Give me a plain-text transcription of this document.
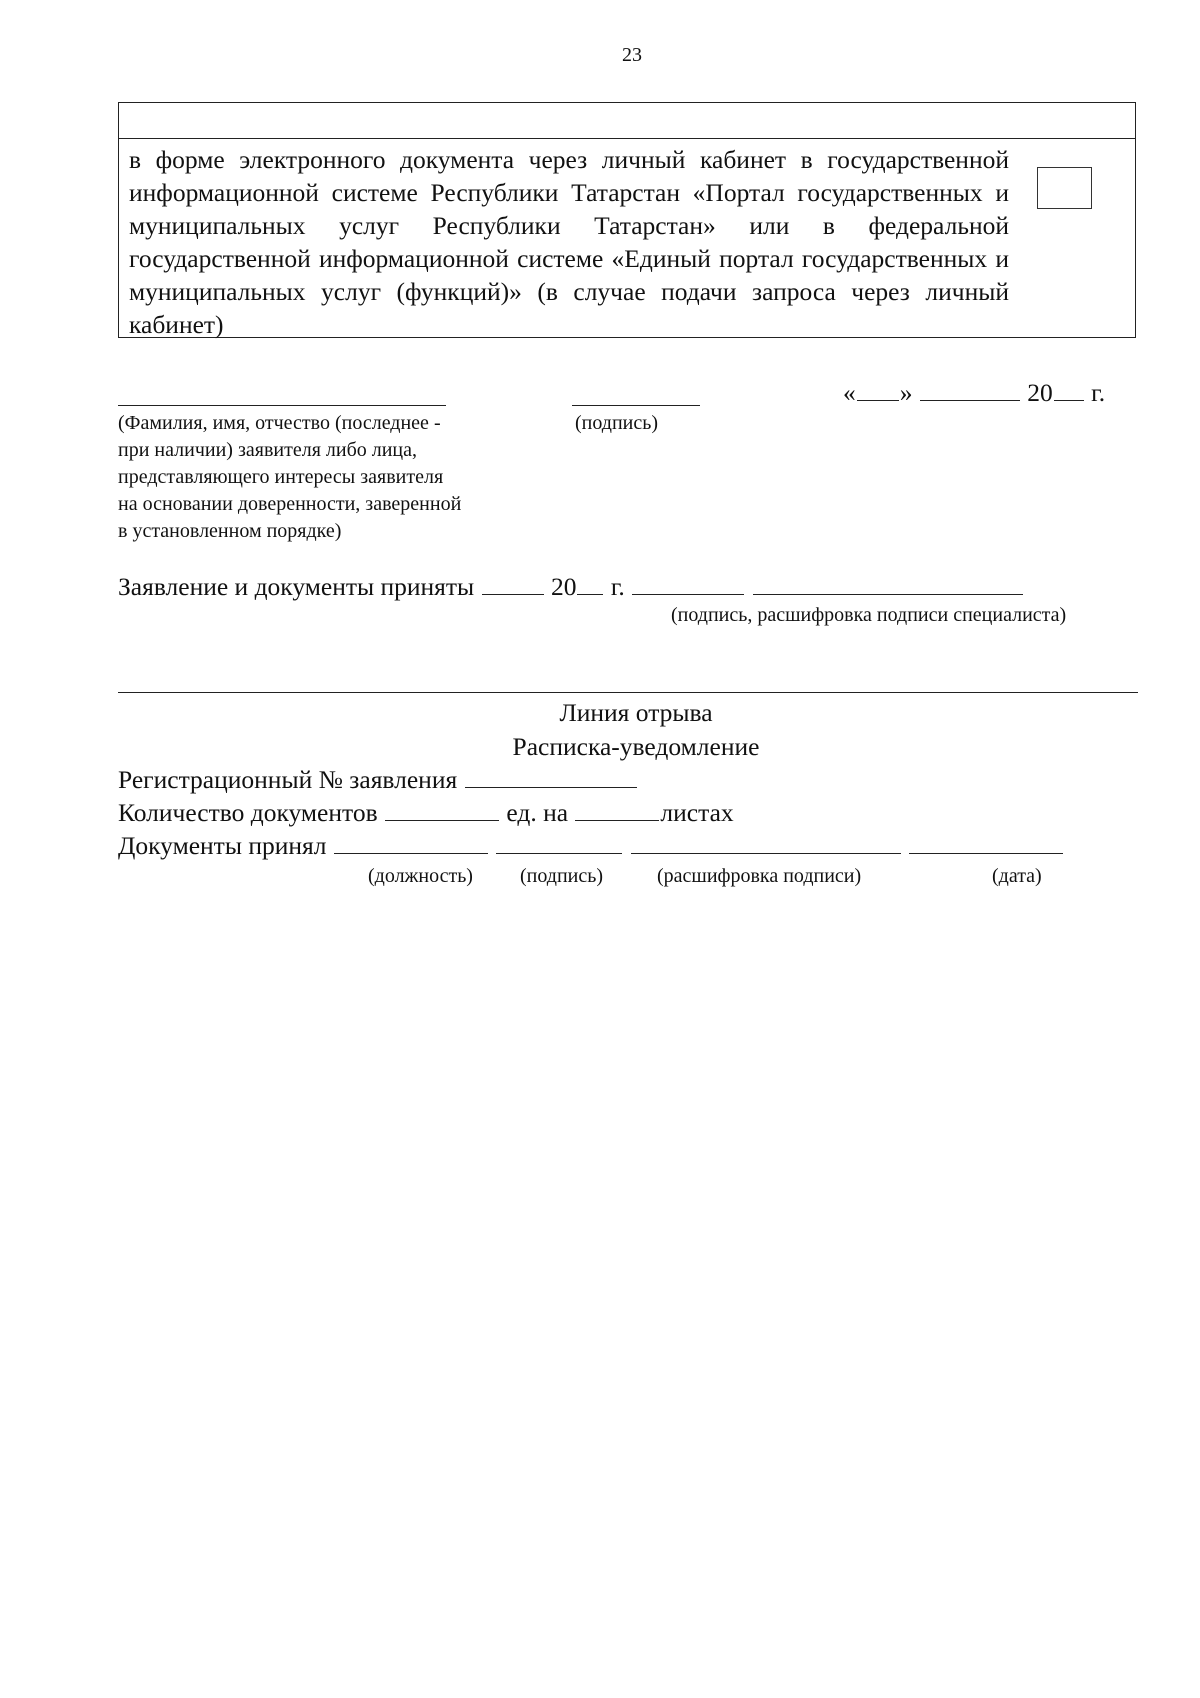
23
в форме электронного документа через личный кабинет в государственной информационной системе Республики Татарстан «Портал государственных и муниципальных услуг Республики Татарстан» или в федеральной государственной информационной системе «Единый портал государственных и муниципальных услуг (функций)» (в случае подачи запроса через личный кабинет)
« »	20 г.
(Фамилия, имя, отчество (последнее -
при наличии) заявителя либо лица,
представляющего интересы заявителя
на основании доверенности, заверенной
в установленном порядке)
(подпись)
Заявление и документы приняты	20 г.
(подпись, расшифровка подписи специалиста)
Линия отрыва
Расписка-уведомление
Регистрационный № заявления
Количество документов	ед. на	листах
Документы принял
(должность) (подпись)	(расшифровка подписи)	(дата)
